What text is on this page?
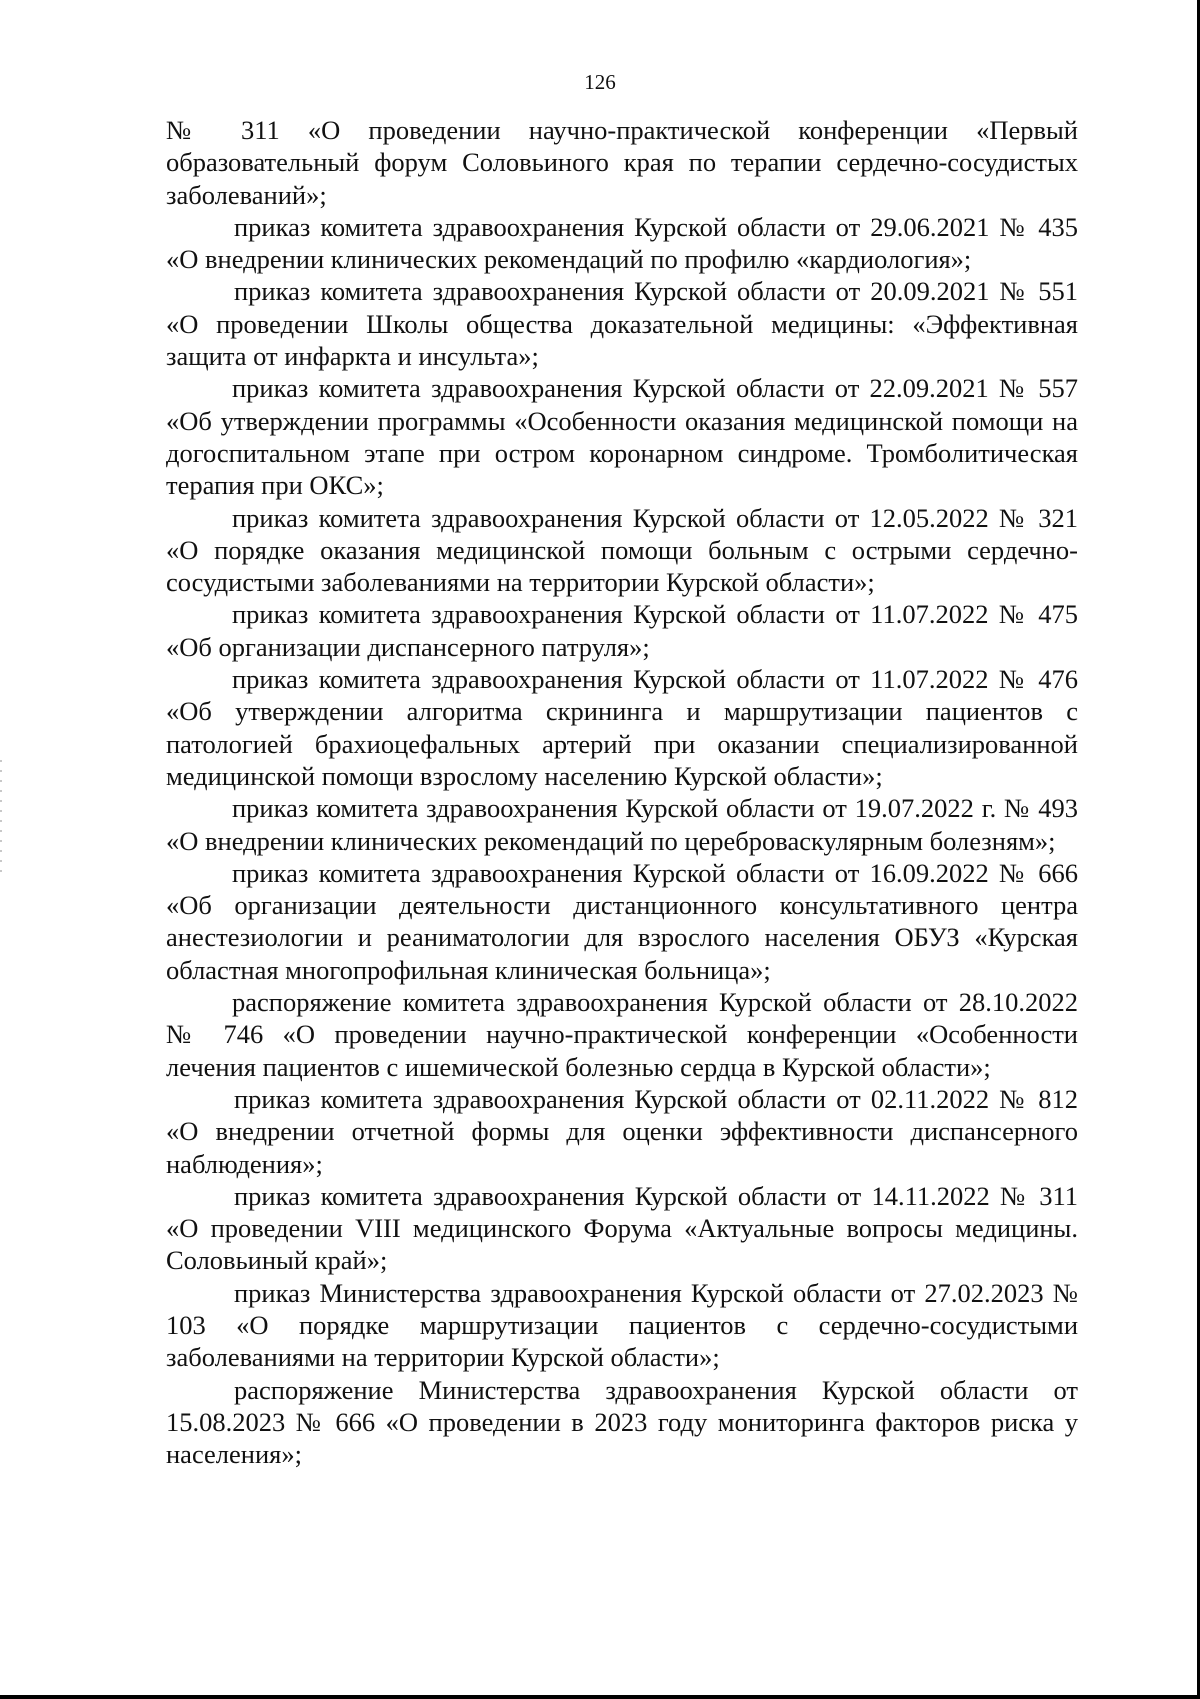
126

№ 311 «О проведении научно-практической конференции «Первый образовательный форум Соловьиного края по терапии сердечно-сосудистых заболеваний»;

приказ комитета здравоохранения Курской области от 29.06.2021 № 435 «О внедрении клинических рекомендаций по профилю «кардиология»;

приказ комитета здравоохранения Курской области от 20.09.2021 № 551 «О проведении Школы общества доказательной медицины: «Эффективная защита от инфаркта и инсульта»;

приказ комитета здравоохранения Курской области от 22.09.2021 № 557 «Об утверждении программы «Особенности оказания медицинской помощи на догоспитальном этапе при остром коронарном синдроме. Тромболитическая терапия при ОКС»;

приказ комитета здравоохранения Курской области от 12.05.2022 № 321 «О порядке оказания медицинской помощи больным с острыми сердечно-сосудистыми заболеваниями на территории Курской области»;

приказ комитета здравоохранения Курской области от 11.07.2022 № 475 «Об организации диспансерного патруля»;

приказ комитета здравоохранения Курской области от 11.07.2022 № 476 «Об утверждении алгоритма скрининга и маршрутизации пациентов с патологией брахиоцефальных артерий при оказании специализированной медицинской помощи взрослому населению Курской области»;

приказ комитета здравоохранения Курской области от 19.07.2022 г. № 493 «О внедрении клинических рекомендаций по цереброваскулярным болезням»;

приказ комитета здравоохранения Курской области от 16.09.2022 № 666 «Об организации деятельности дистанционного консультативного центра анестезиологии и реаниматологии для взрослого населения ОБУЗ «Курская областная многопрофильная клиническая больница»;

распоряжение комитета здравоохранения Курской области от 28.10.2022 № 746 «О проведении научно-практической конференции «Особенности лечения пациентов с ишемической болезнью сердца в Курской области»;

приказ комитета здравоохранения Курской области от 02.11.2022 № 812 «О внедрении отчетной формы для оценки эффективности диспансерного наблюдения»;

приказ комитета здравоохранения Курской области от 14.11.2022 № 311 «О проведении VIII медицинского Форума «Актуальные вопросы медицины. Соловьиный край»;

приказ Министерства здравоохранения Курской области от 27.02.2023 № 103 «О порядке маршрутизации пациентов с сердечно-сосудистыми заболеваниями на территории Курской области»;

распоряжение Министерства здравоохранения Курской области от 15.08.2023 № 666 «О проведении в 2023 году мониторинга факторов риска у населения»;
